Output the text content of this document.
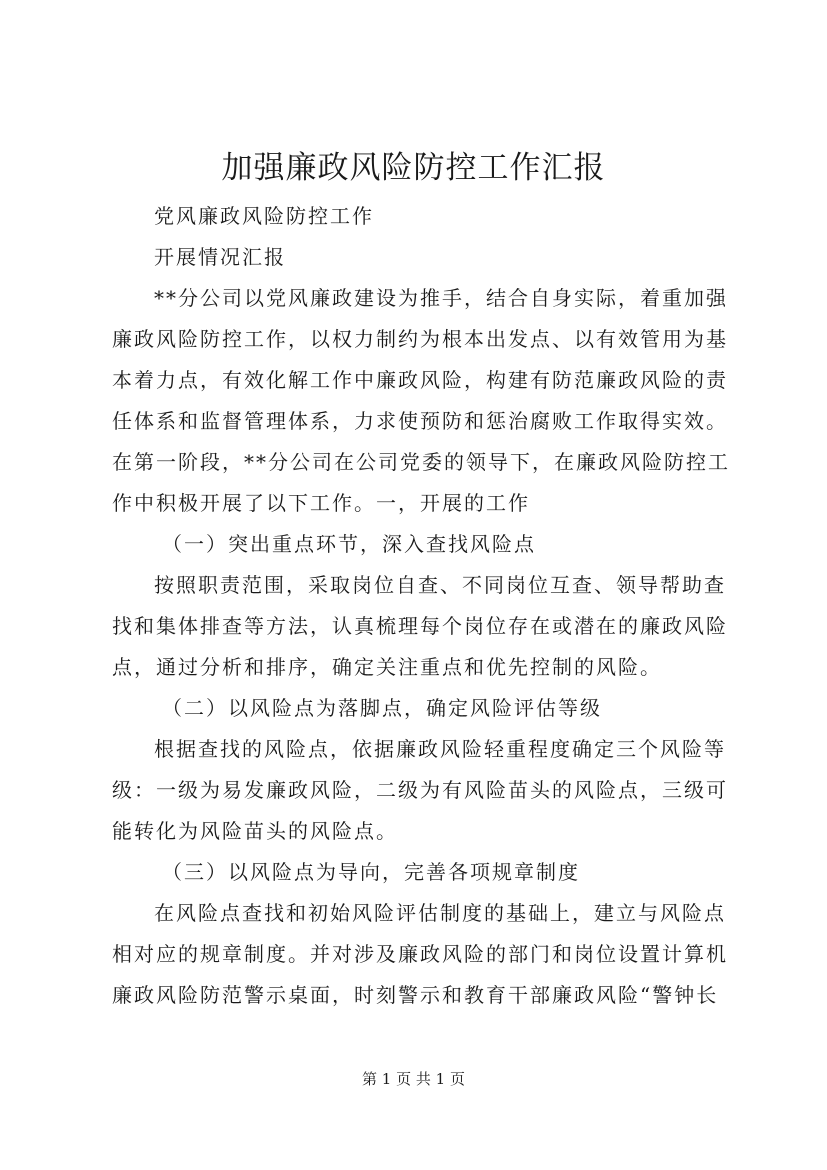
加强廉政风险防控工作汇报
党风廉政风险防控工作
开展情况汇报
**分公司以党风廉政建设为推手，结合自身实际，着重加强
廉政风险防控工作，以权力制约为根本出发点、以有效管用为基
本着力点，有效化解工作中廉政风险，构建有防范廉政风险的责
任体系和监督管理体系，力求使预防和惩治腐败工作取得实效。
在第一阶段，**分公司在公司党委的领导下，在廉政风险防控工
作中积极开展了以下工作。一，开展的工作
（一）突出重点环节，深入查找风险点
按照职责范围，采取岗位自查、不同岗位互查、领导帮助查
找和集体排查等方法，认真梳理每个岗位存在或潜在的廉政风险
点，通过分析和排序，确定关注重点和优先控制的风险。
（二）以风险点为落脚点，确定风险评估等级
根据查找的风险点，依据廉政风险轻重程度确定三个风险等
级：一级为易发廉政风险，二级为有风险苗头的风险点，三级可
能转化为风险苗头的风险点。
（三）以风险点为导向，完善各项规章制度
在风险点查找和初始风险评估制度的基础上，建立与风险点
相对应的规章制度。并对涉及廉政风险的部门和岗位设置计算机
廉政风险防范警示桌面，时刻警示和教育干部廉政风险“警钟长
第 1 页 共 1 页
